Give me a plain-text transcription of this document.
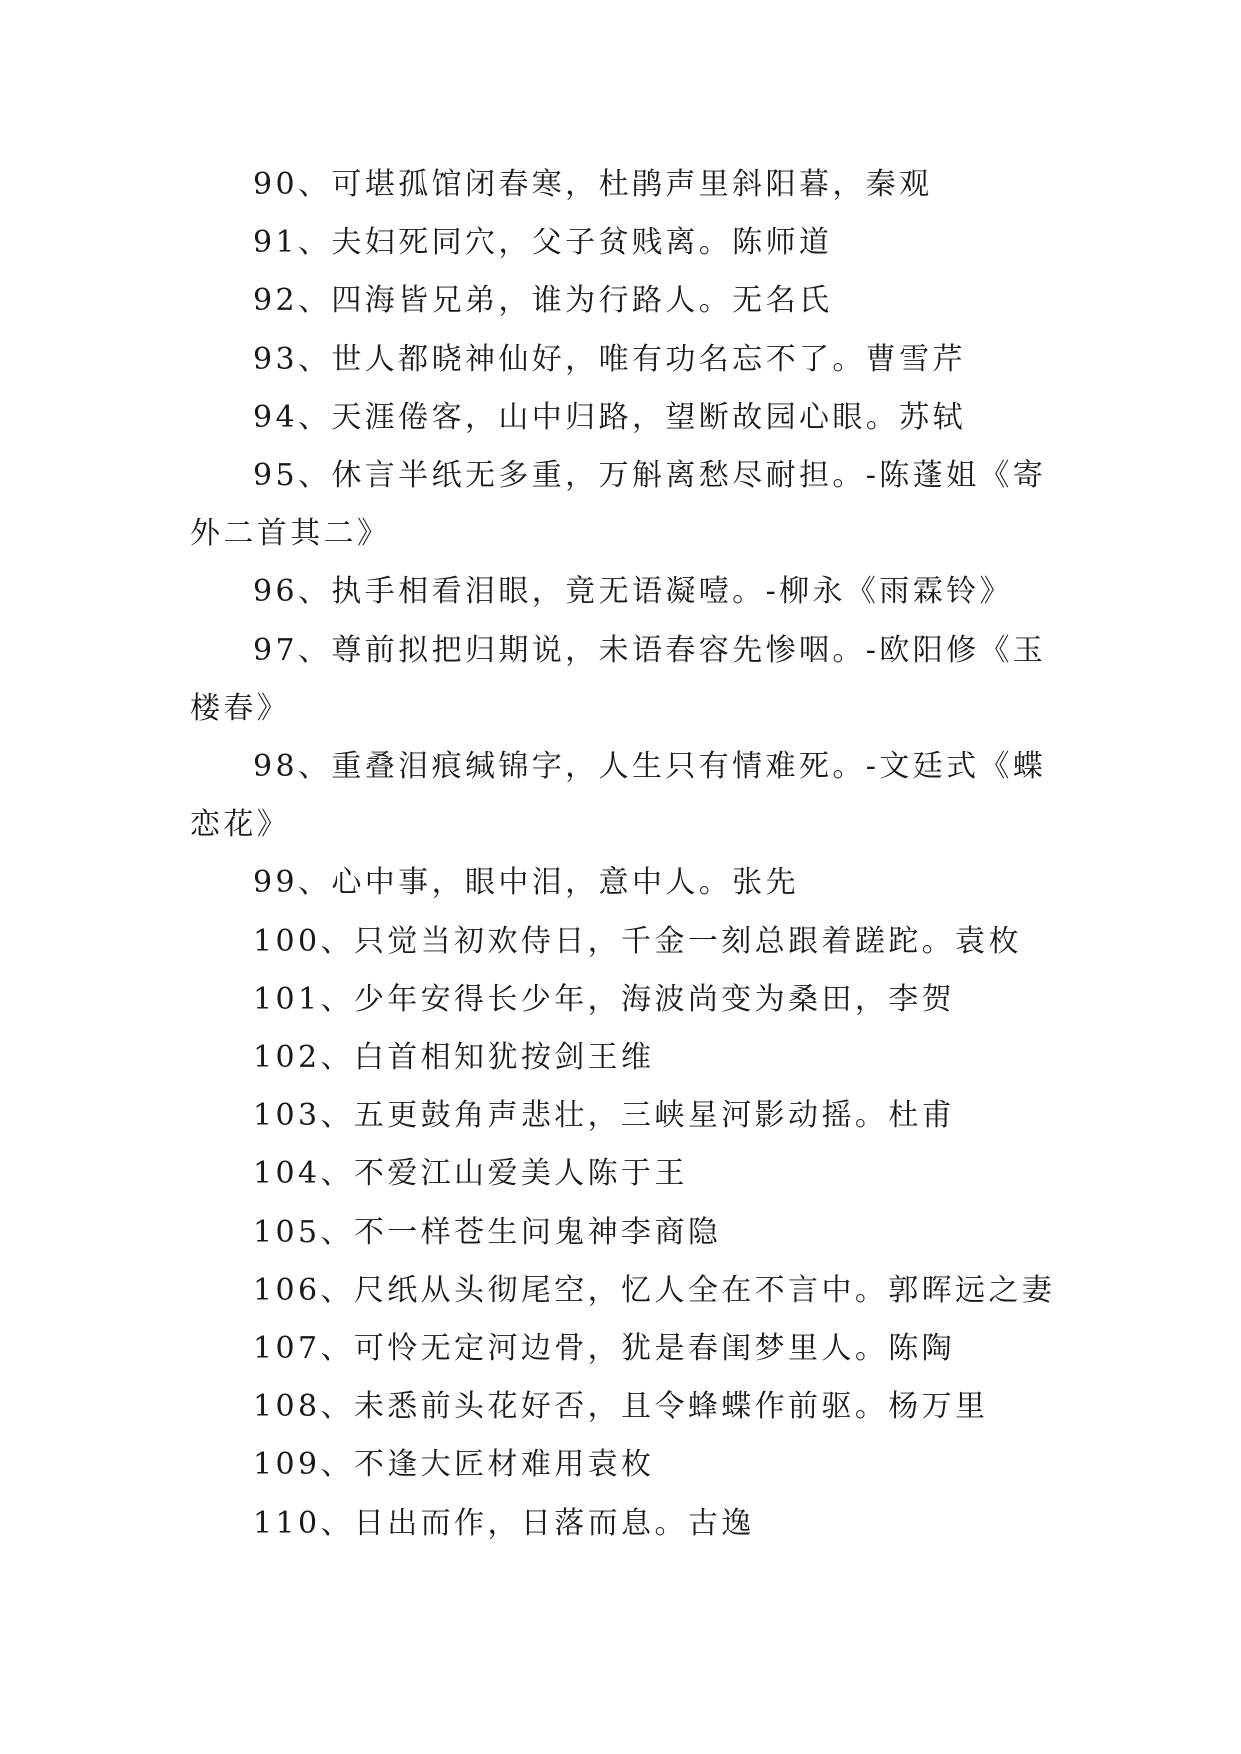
90、可堪孤馆闭春寒，杜鹃声里斜阳暮，秦观

91、夫妇死同穴，父子贫贱离。陈师道

92、四海皆兄弟，谁为行路人。无名氏

93、世人都晓神仙好，唯有功名忘不了。曹雪芹

94、天涯倦客，山中归路，望断故园心眼。苏轼

95、休言半纸无多重，万斛离愁尽耐担。-陈蓬姐《寄外二首其二》

96、执手相看泪眼，竟无语凝噎。-柳永《雨霖铃》

97、尊前拟把归期说，未语春容先惨咽。-欧阳修《玉楼春》

98、重叠泪痕缄锦字，人生只有情难死。-文廷式《蝶恋花》

99、心中事，眼中泪，意中人。张先

100、只觉当初欢侍日，千金一刻总跟着蹉跎。袁枚

101、少年安得长少年，海波尚变为桑田，李贺

102、白首相知犹按剑王维

103、五更鼓角声悲壮，三峡星河影动摇。杜甫

104、不爱江山爱美人陈于王

105、不一样苍生问鬼神李商隐

106、尺纸从头彻尾空，忆人全在不言中。郭晖远之妻

107、可怜无定河边骨，犹是春闺梦里人。陈陶

108、未悉前头花好否，且令蜂蝶作前驱。杨万里

109、不逢大匠材难用袁枚

110、日出而作，日落而息。古逸
